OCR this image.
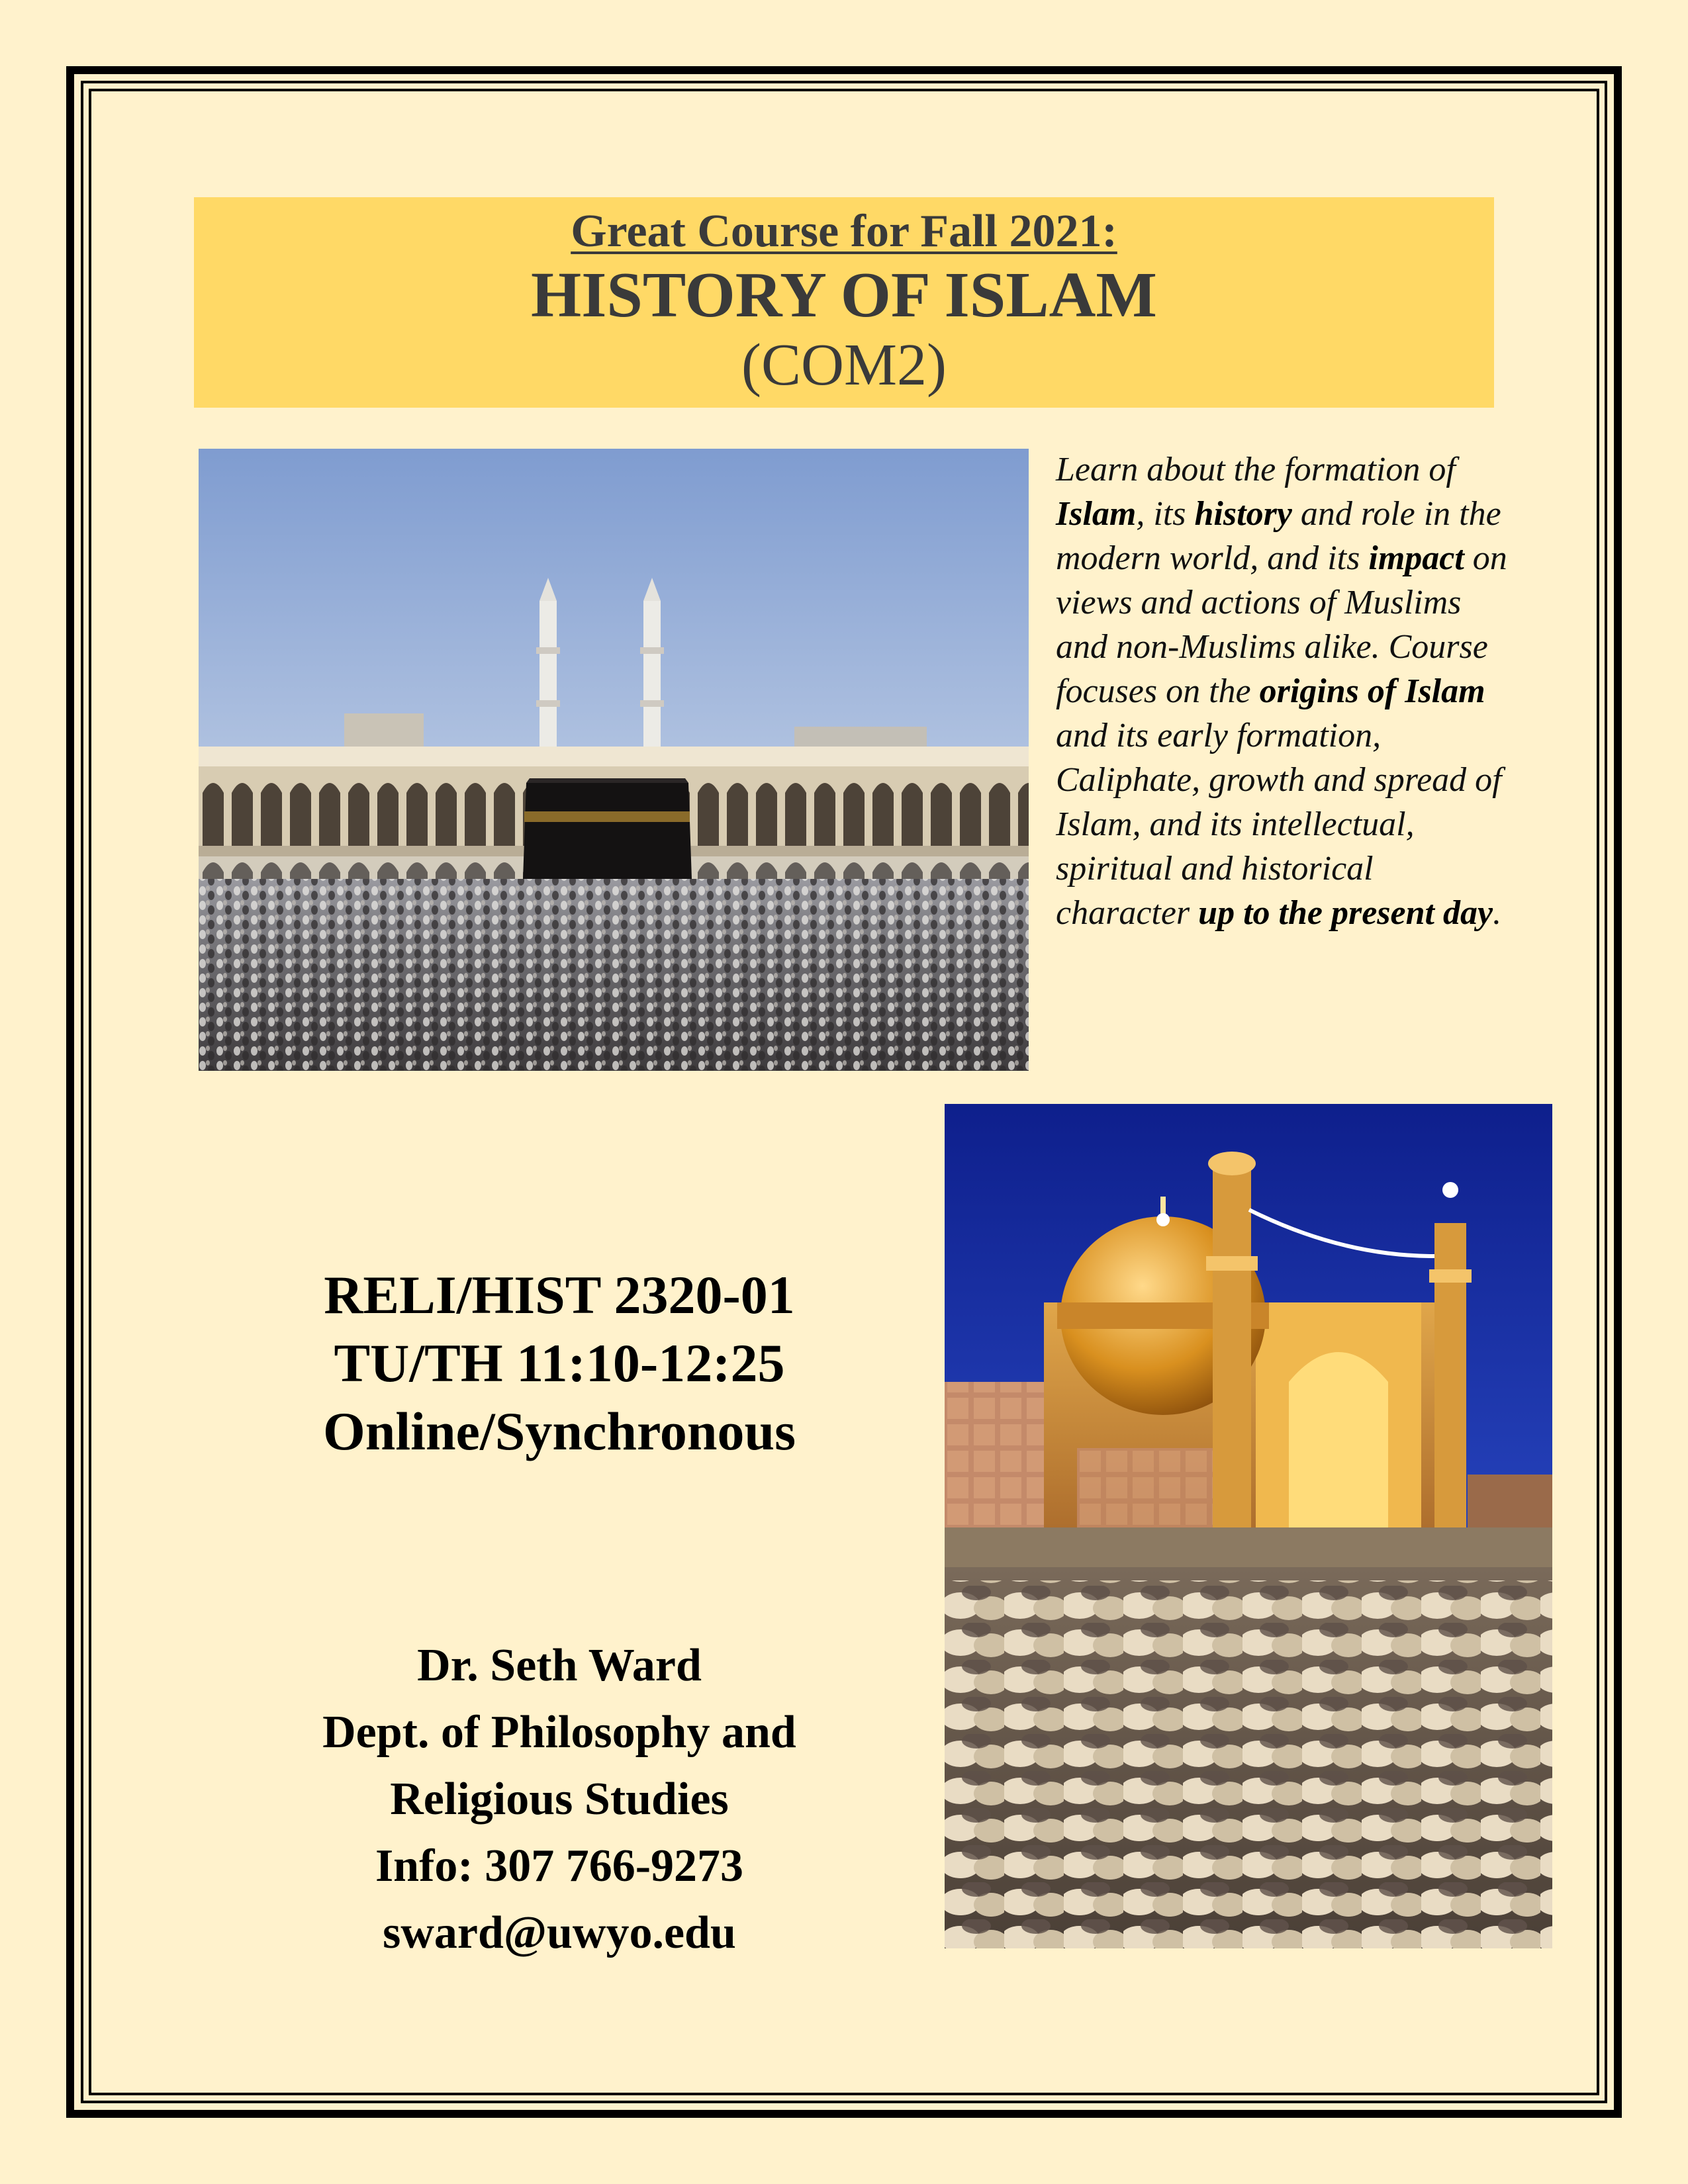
Great Course for Fall 2021:
HISTORY OF ISLAM
(COM2)
Learn about the formation of Islam, its history and role in the modern world, and its impact on views and actions of Muslims and non-Muslims alike. Course focuses on the origins of Islam and its early formation, Caliphate, growth and spread of Islam, and its intellectual, spiritual and historical character up to the present day.
RELI/HIST 2320-01
TU/TH 11:10-12:25
Online/Synchronous
Dr. Seth Ward
Dept. of Philosophy and
Religious Studies
Info: 307 766-9273
sward@uwyo.edu
